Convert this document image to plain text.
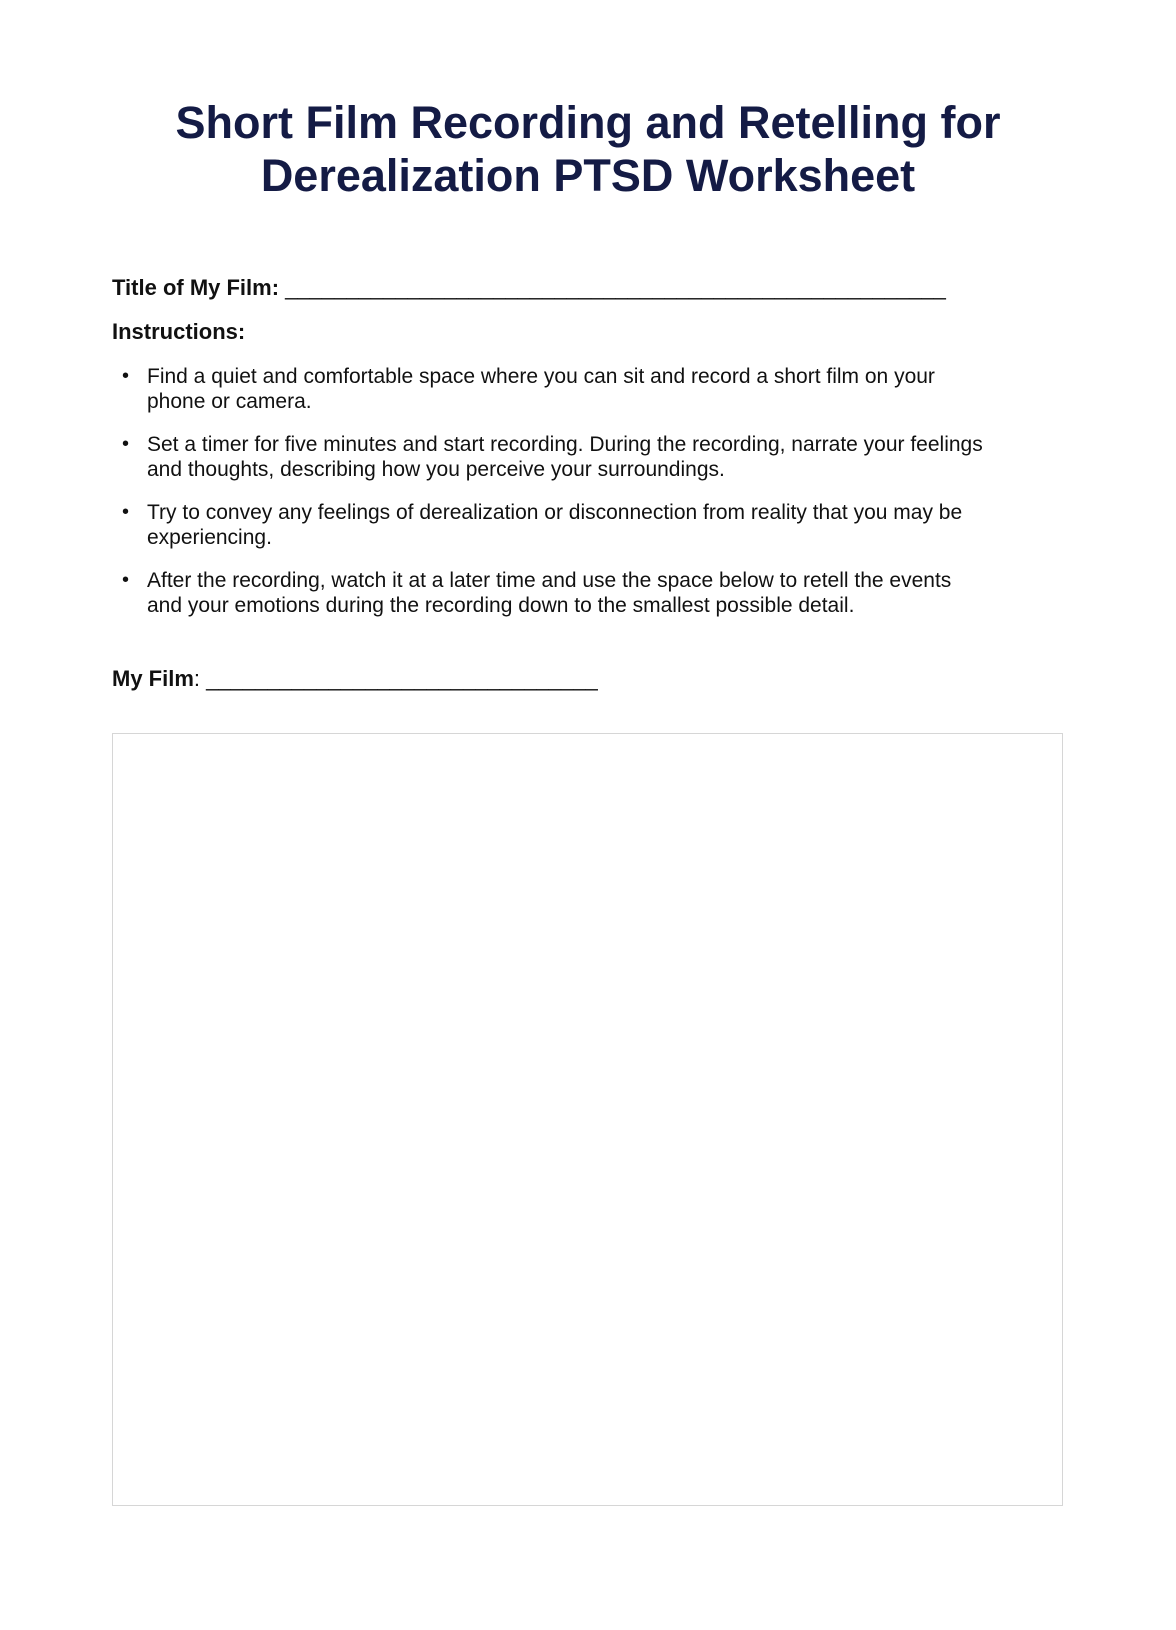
Short Film Recording and Retelling for
Derealization PTSD Worksheet
Title of My Film: ______________________________________________________
Instructions:
• Find a quiet and comfortable space where you can sit and record a short film on your
phone or camera.
• Set a timer for five minutes and start recording. During the recording, narrate your feelings
and thoughts, describing how you perceive your surroundings.
• Try to convey any feelings of derealization or disconnection from reality that you may be
experiencing.
• After the recording, watch it at a later time and use the space below to retell the events
and your emotions during the recording down to the smallest possible detail.
My Film: ________________________________
